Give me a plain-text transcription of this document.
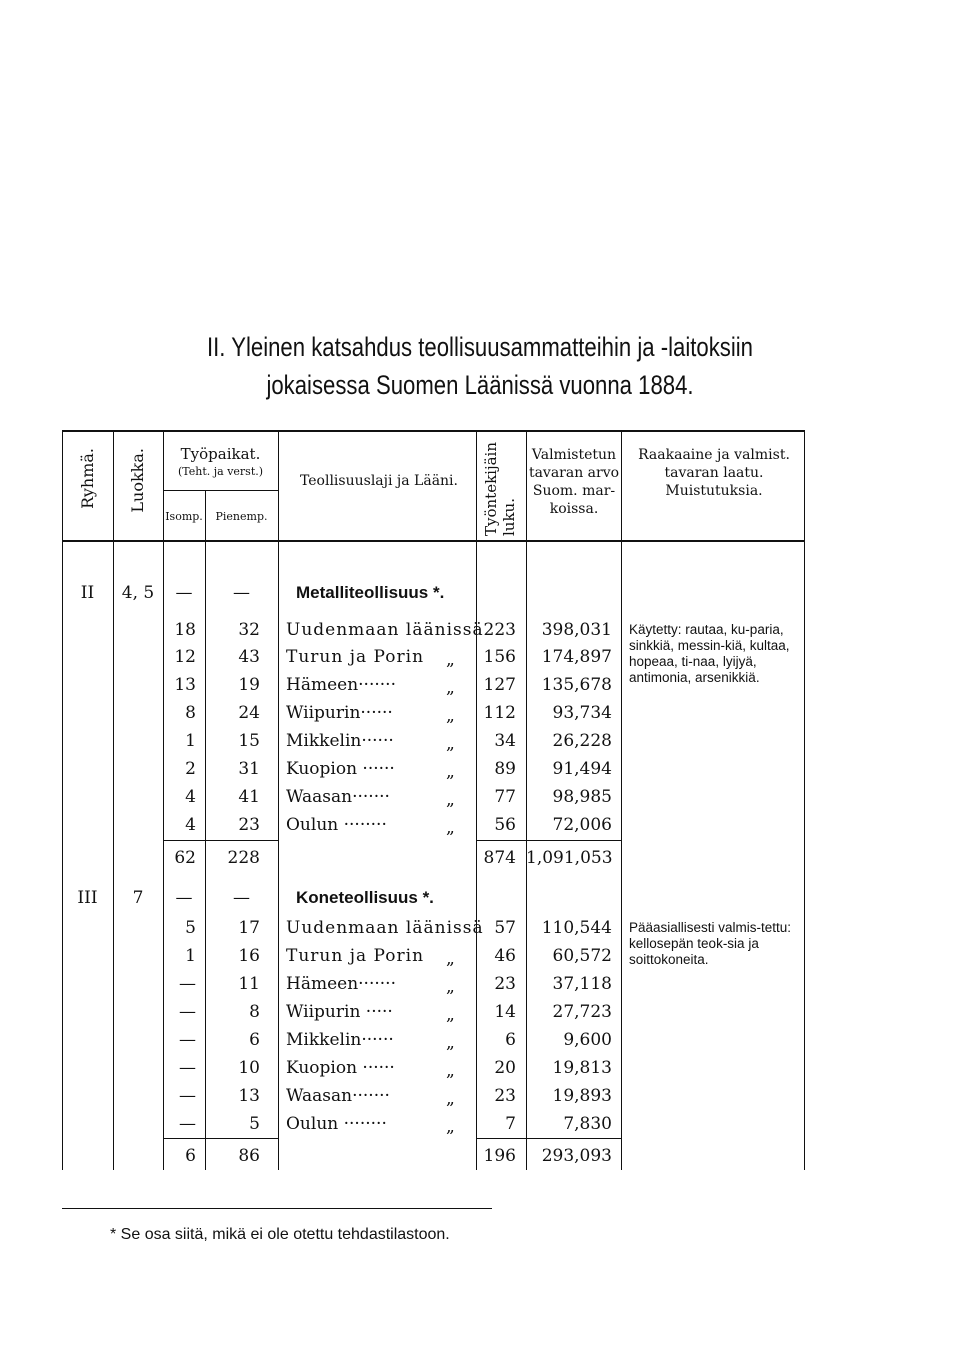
II. Yleinen katsahdus teollisuusammatteihin ja -laitoksiin
jokaisessa Suomen Läänissä vuonna 1884.
Ryhmä. Luokka.	Työpaikat.
(Teht. ja verst.)
Isomp.	Pienemp.
Teollisuuslaji ja Lääni.	Työntekijäin luku.
Valmistetun tavaran arvo Suom. mar-koissa.
Raakaaine ja valmist. tavaran laatu. Muistutuksia.
II	4, 5	—	—	Metalliteollisuus *.
18	32 Uudenmaan läänissä 223	398,031
12	43 Turun ja Porin „	156	174,897
13	19 Hämeen·······	„	127	135,678
8	24 Wiipurin······	„	112	93,734
1	15 Mikkelin······	„	34	26,228
2	31 Kuopion ······	„	89	91,494
4	41 Waasan·······	„	77	98,985
4	23 Oulun ········	„	56	72,006
62	228	874 1,091,053
Käytetty: rautaa, ku-paria, sinkkiä, messin-kiä, kultaa, hopeaa, ti-naa, lyijyä, antimonia, arsenikkiä.
III	7	—	—	Koneteollisuus *.
5	17 Uudenmaan läänissä 57	110,544
1	16 Turun ja Porin „	46	60,572
—	11 Hämeen·······	„	23	37,118
—	8 Wiipurin ·····	„	14	27,723
—	6 Mikkelin······	„	6	9,600
—	10 Kuopion ······	„	20	19,813
—	13 Waasan·······	„	23	19,893
—	5 Oulun ········	„	7	7,830
6	86	196	293,093
Pääasiallisesti valmis-tettu: kellosepän teok-sia ja soittokoneita.
* Se osa siitä, mikä ei ole otettu tehdastilastoon.
